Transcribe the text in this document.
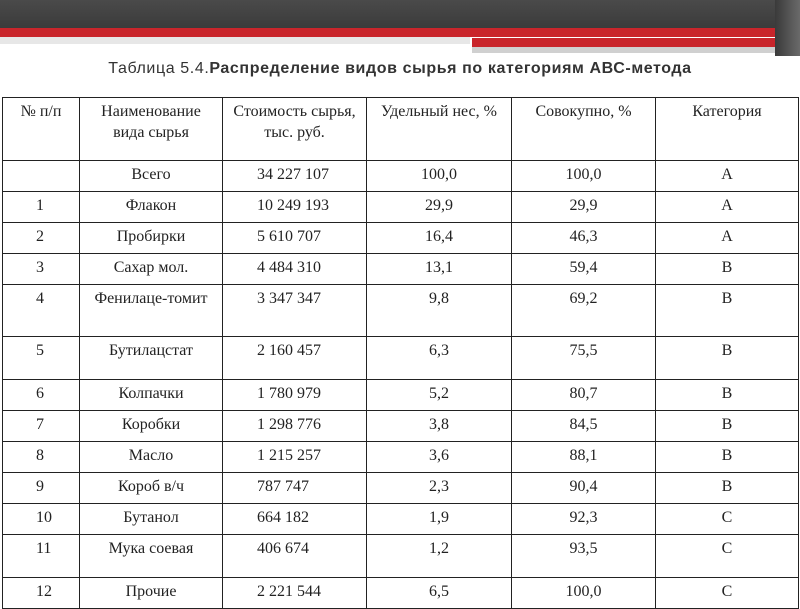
Таблица 5.4.Распределение видов сырья по категориям АВС-метода
№ п/п	Наименование вида сырья	Стоимость сырья, тыс. руб.	Удельный нес, %	Совокупно, %	Категория
	Всего	34 227 107	100,0	100,0	А
1	Флакон	10 249 193	29,9	29,9	А
2	Пробирки	5 610 707	16,4	46,3	А
3	Сахар мол.	4 484 310	13,1	59,4	В
4	Фенилаце-томит	3 347 347	9,8	69,2	В
5	Бутилацстат	2 160 457	6,3	75,5	В
6	Колпачки	1 780 979	5,2	80,7	В
7	Коробки	1 298 776	3,8	84,5	В
8	Масло	1 215 257	3,6	88,1	В
9	Короб в/ч	787 747	2,3	90,4	В
10	Бутанол	664 182	1,9	92,3	С
11	Мука соевая	406 674	1,2	93,5	С
12	Прочие	2 221 544	6,5	100,0	С
